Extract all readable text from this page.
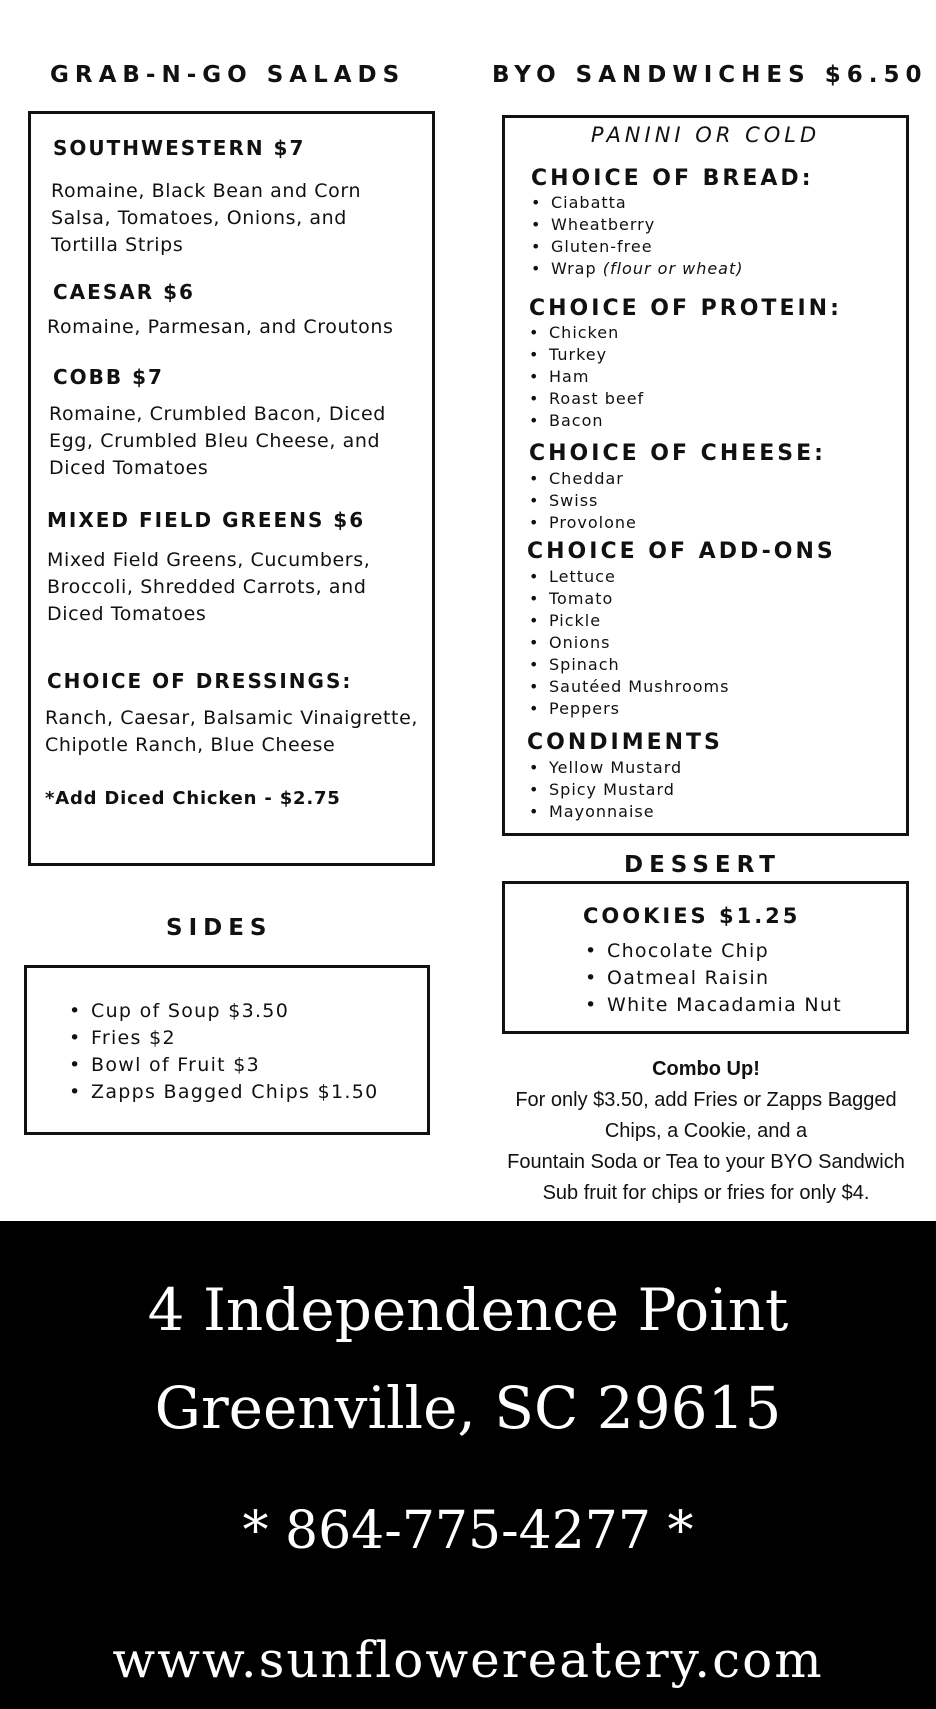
GRAB-N-GO SALADS
SOUTHWESTERN $7
Romaine, Black Bean and Corn
Salsa, Tomatoes, Onions, and
Tortilla Strips
CAESAR $6
Romaine, Parmesan, and Croutons
COBB $7
Romaine, Crumbled Bacon, Diced
Egg, Crumbled Bleu Cheese, and
Diced Tomatoes
MIXED FIELD GREENS $6
Mixed Field Greens, Cucumbers,
Broccoli, Shredded Carrots, and
Diced Tomatoes
CHOICE OF DRESSINGS:
Ranch, Caesar, Balsamic Vinaigrette,
Chipotle Ranch, Blue Cheese
*Add Diced Chicken - $2.75
SIDES
• Cup of Soup $3.50
• Fries $2
• Bowl of Fruit $3
• Zapps Bagged Chips $1.50
BYO SANDWICHES $6.50
PANINI OR COLD
CHOICE OF BREAD:
• Ciabatta
• Wheatberry
• Gluten-free
• Wrap (flour or wheat)
CHOICE OF PROTEIN:
• Chicken
• Turkey
• Ham
• Roast beef
• Bacon
CHOICE OF CHEESE:
• Cheddar
• Swiss
• Provolone
CHOICE OF ADD-ONS
• Lettuce
• Tomato
• Pickle
• Onions
• Spinach
• Sautéed Mushrooms
• Peppers
CONDIMENTS
• Yellow Mustard
• Spicy Mustard
• Mayonnaise
DESSERT
COOKIES $1.25
• Chocolate Chip
• Oatmeal Raisin
• White Macadamia Nut
Combo Up!
For only $3.50, add Fries or Zapps Bagged
Chips, a Cookie, and a
Fountain Soda or Tea to your BYO Sandwich
Sub fruit for chips or fries for only $4.
4 Independence Point
Greenville, SC 29615
* 864-775-4277 *
www.sunflowereatery.com
